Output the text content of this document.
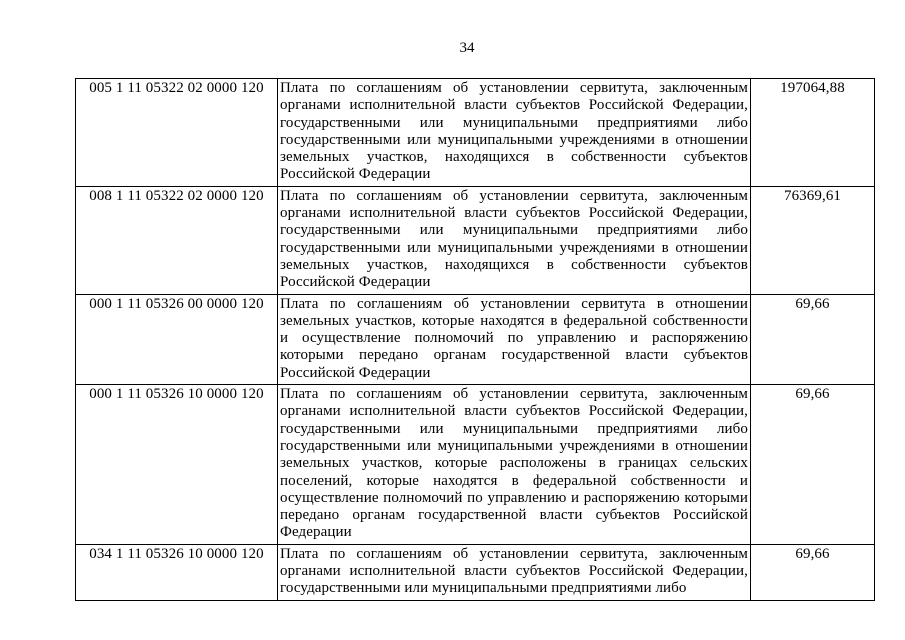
34
005 1 11 05322 02 0000 120	Плата по соглашениям об установлении сервитута, заключенным органами исполнительной власти субъектов Российской Федерации, государственными или муниципальными предприятиями либо государственными или муниципальными учреждениями в отношении земельных участков, находящихся в собственности субъектов Российской Федерации	197064,88
008 1 11 05322 02 0000 120	Плата по соглашениям об установлении сервитута, заключенным органами исполнительной власти субъектов Российской Федерации, государственными или муниципальными предприятиями либо государственными или муниципальными учреждениями в отношении земельных участков, находящихся в собственности субъектов Российской Федерации	76369,61
000 1 11 05326 00 0000 120	Плата по соглашениям об установлении сервитута в отношении земельных участков, которые находятся в федеральной собственности и осуществление полномочий по управлению и распоряжению которыми передано органам государственной власти субъектов Российской Федерации	69,66
000 1 11 05326 10 0000 120	Плата по соглашениям об установлении сервитута, заключенным органами исполнительной власти субъектов Российской Федерации, государственными или муниципальными предприятиями либо государственными или муниципальными учреждениями в отношении земельных участков, которые расположены в границах сельских поселений, которые находятся в федеральной собственности и осуществление полномочий по управлению и распоряжению которыми передано органам государственной власти субъектов Российской Федерации	69,66
034 1 11 05326 10 0000 120	Плата по соглашениям об установлении сервитута, заключенным органами исполнительной власти субъектов Российской Федерации, государственными или муниципальными предприятиями либо	69,66
